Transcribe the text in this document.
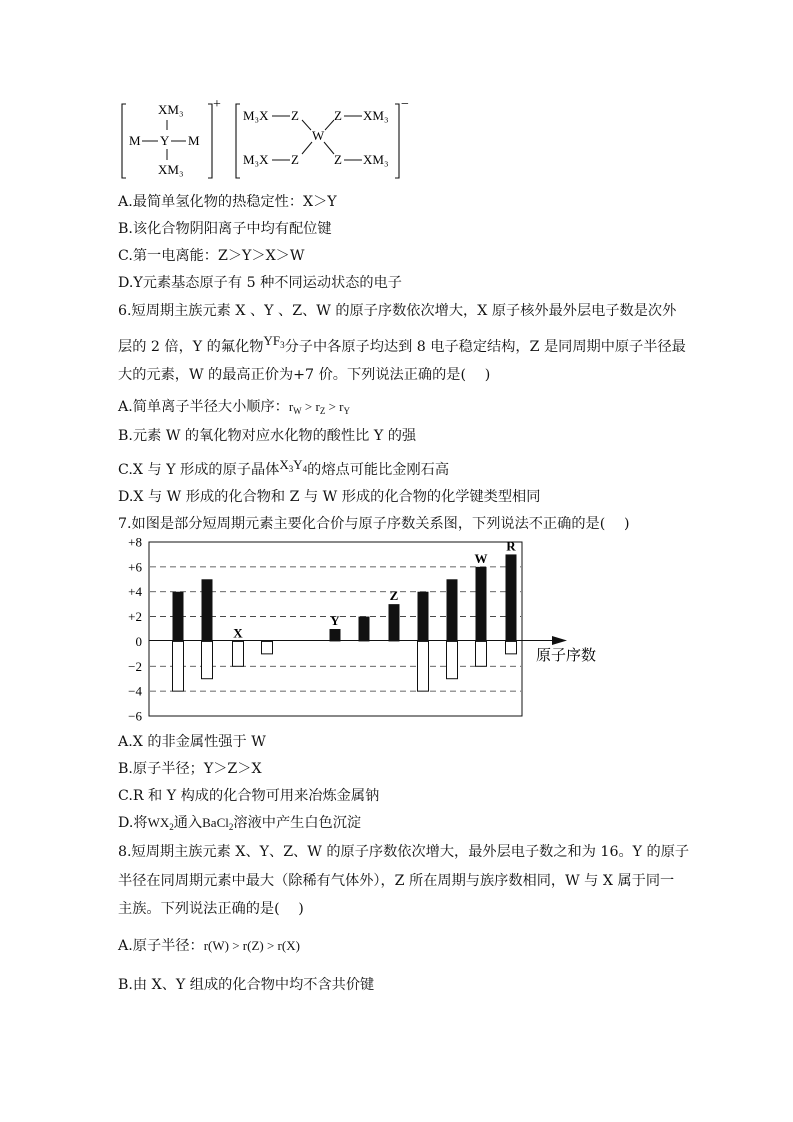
XM₃
M Y M
XM₃
+
M₃X Z
W
Z XM₃
M₃X Z	Z XM₃
−
A.最简单氢化物的热稳定性：X＞Y
B.该化合物阴阳离子中均有配位键
C.第一电离能：Z＞Y＞X＞W
D.Y元素基态原子有 5 种不同运动状态的电子
6.短周期主族元素 X 、Y 、Z、W 的原子序数依次增大，X 原子核外最外层电子数是次外
层的 2 倍，Y 的氟化物$YF_3$分子中各原子均达到 8 电子稳定结构，Z 是同周期中原子半径最
大的元素，W 的最高正价为+7 价。下列说法正确的是(　 )
A.简单离子半径大小顺序：$r_W > r_Z > r_Y$
B.元素 W 的氧化物对应水化物的酸性比 Y 的强
C.X 与 Y 形成的原子晶体$X_3Y_4$的熔点可能比金刚石高
D.X 与 W 形成的化合物和 Z 与 W 形成的化合物的化学键类型相同
7.如图是部分短周期元素主要化合价与原子序数关系图，下列说法不正确的是(　 )
+8
+6
+4
+2
0
−2
−4
−6
X
Y
Z
W
R
原子序数
A.X 的非金属性强于 W
B.原子半径；Y＞Z＞X
C.R 和 Y 构成的化合物可用来冶炼金属钠
D.将$WX_2$通入BaCl$_2$溶液中产生白色沉淀
8.短周期主族元素 X、Y、Z、W 的原子序数依次增大，最外层电子数之和为 16。Y 的原子
半径在同周期元素中最大（除稀有气体外），Z 所在周期与族序数相同，W 与 X 属于同一
主族。下列说法正确的是(　 )
A.原子半径：r(W) > r(Z) > r(X)
B.由 X、Y 组成的化合物中均不含共价键
